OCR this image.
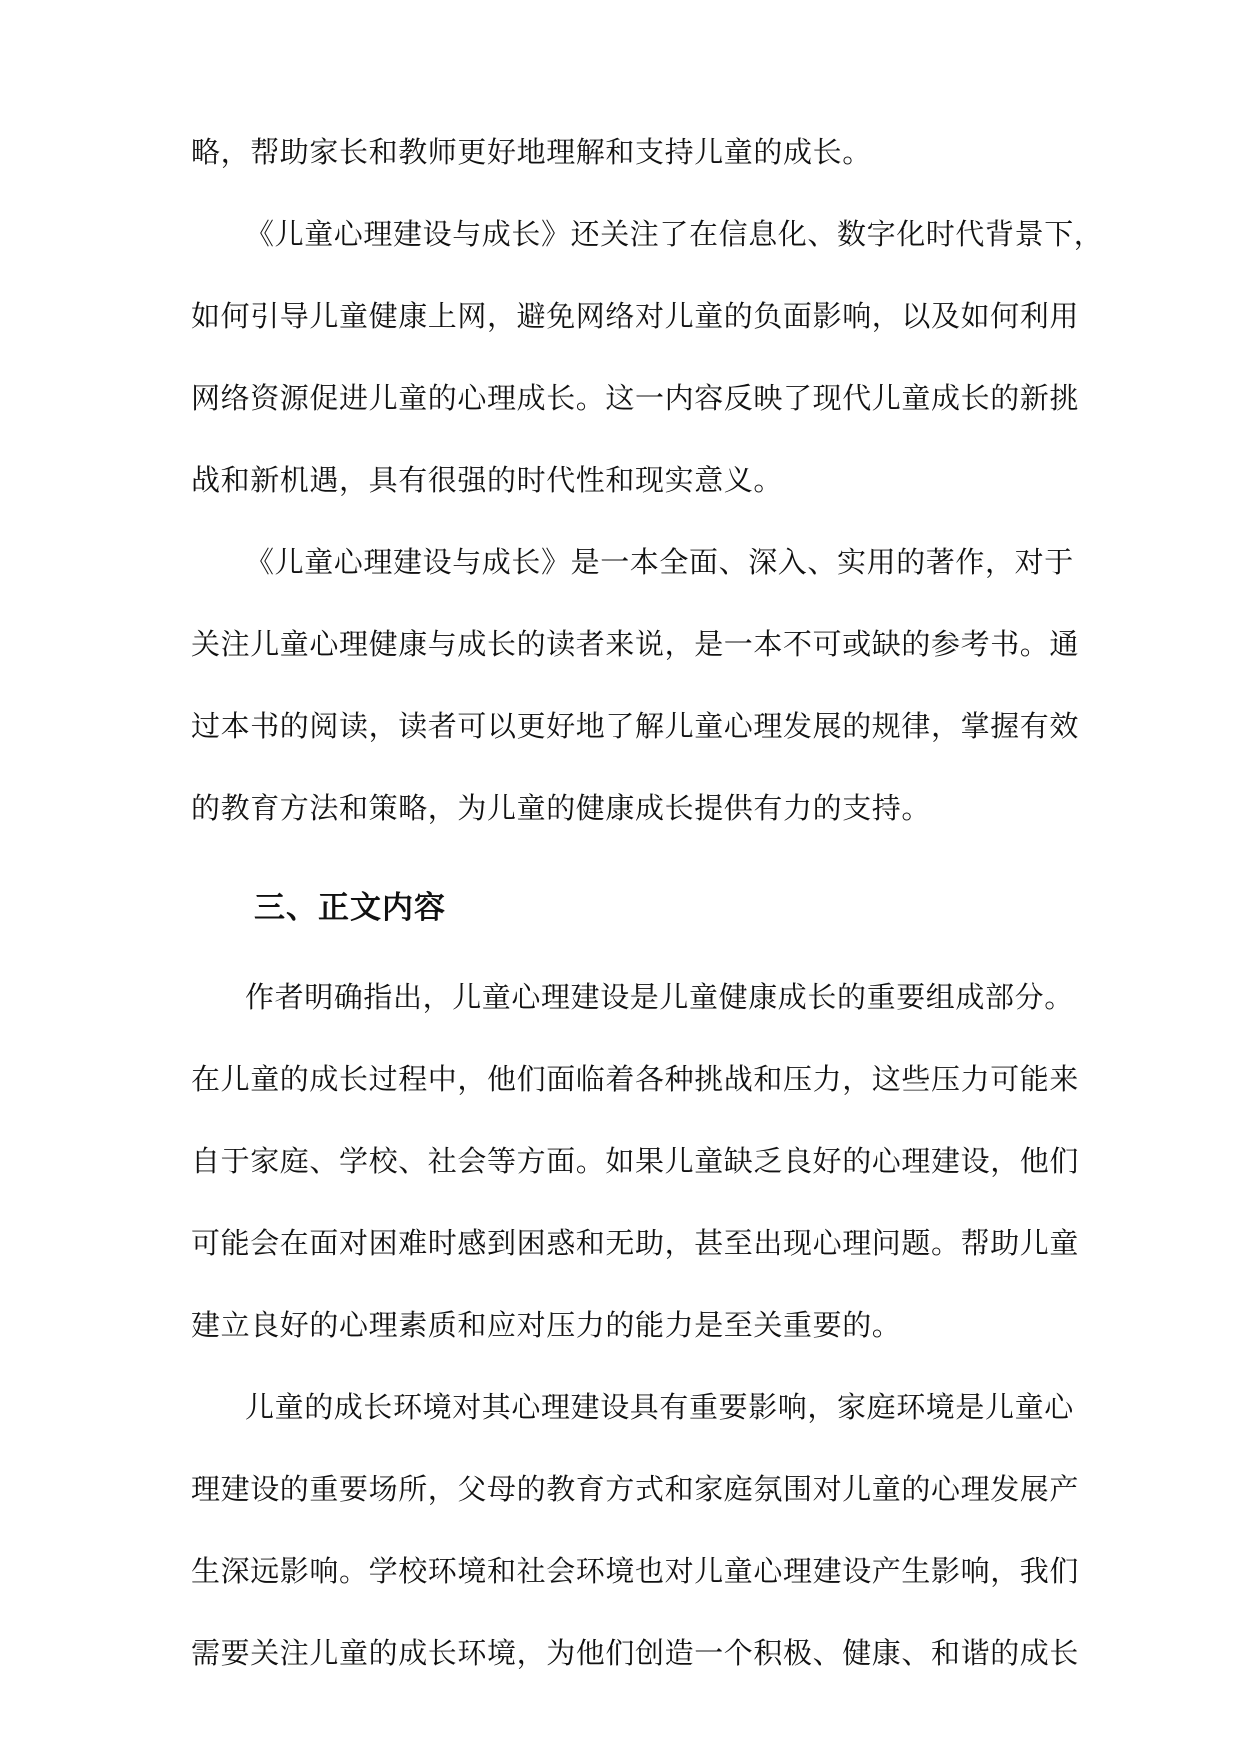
略，帮助家长和教师更好地理解和支持儿童的成长。
《儿童心理建设与成长》还关注了在信息化、数字化时代背景下，
如何引导儿童健康上网，避免网络对儿童的负面影响，以及如何利用
网络资源促进儿童的心理成长。这一内容反映了现代儿童成长的新挑
战和新机遇，具有很强的时代性和现实意义。
《儿童心理建设与成长》是一本全面、深入、实用的著作，对于
关注儿童心理健康与成长的读者来说，是一本不可或缺的参考书。通
过本书的阅读，读者可以更好地了解儿童心理发展的规律，掌握有效
的教育方法和策略，为儿童的健康成长提供有力的支持。
三、正文内容
作者明确指出，儿童心理建设是儿童健康成长的重要组成部分。
在儿童的成长过程中，他们面临着各种挑战和压力，这些压力可能来
自于家庭、学校、社会等方面。如果儿童缺乏良好的心理建设，他们
可能会在面对困难时感到困惑和无助，甚至出现心理问题。帮助儿童
建立良好的心理素质和应对压力的能力是至关重要的。
儿童的成长环境对其心理建设具有重要影响，家庭环境是儿童心
理建设的重要场所，父母的教育方式和家庭氛围对儿童的心理发展产
生深远影响。学校环境和社会环境也对儿童心理建设产生影响，我们
需要关注儿童的成长环境，为他们创造一个积极、健康、和谐的成长
